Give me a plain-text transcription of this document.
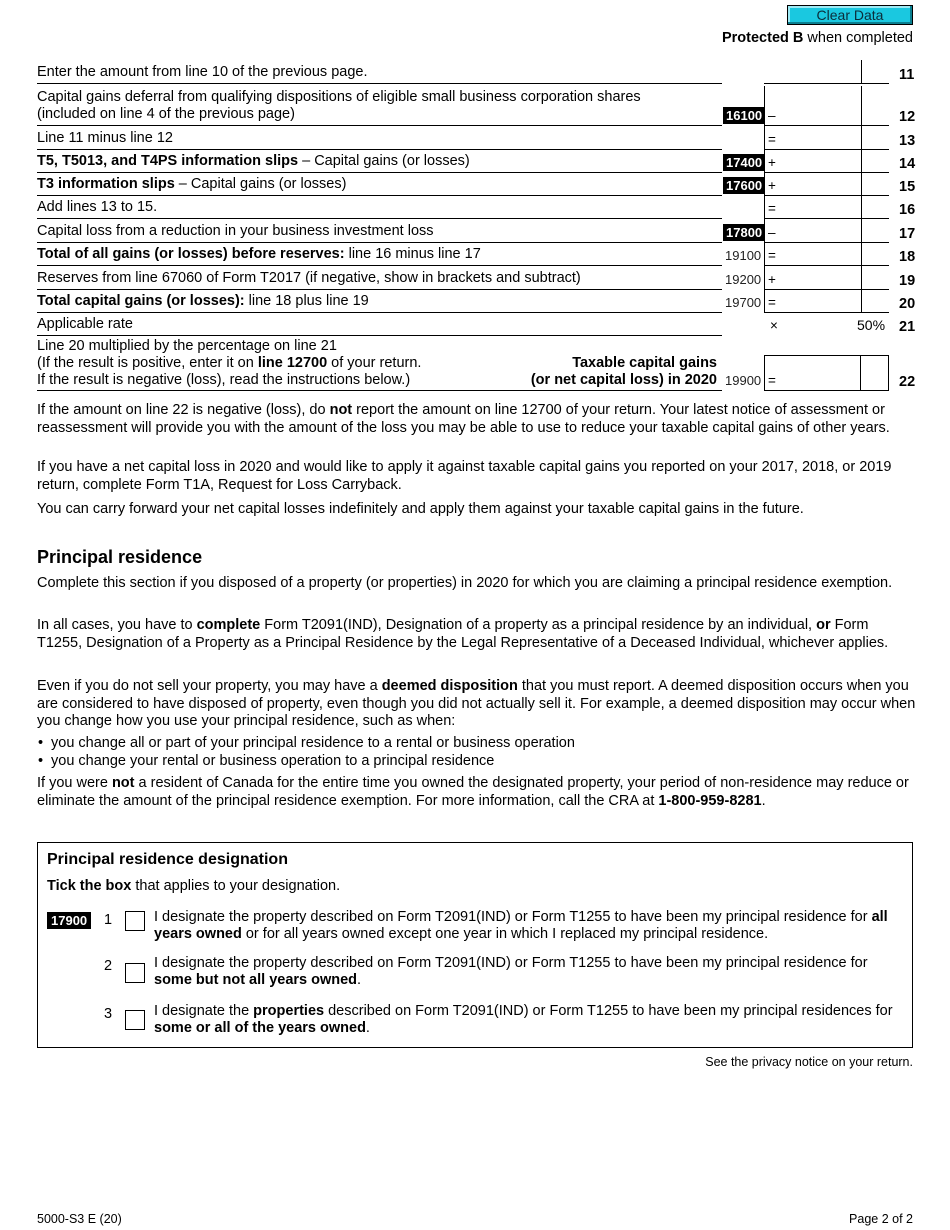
Clear Data
Protected B when completed
Enter the amount from line 10 of the previous page.	11
Capital gains deferral from qualifying dispositions of eligible small business corporation shares
(included on line 4 of the previous page)	16100 –	12
Line 11 minus line 12	=	13
T5, T5013, and T4PS information slips – Capital gains (or losses)	17400 +	14
T3 information slips – Capital gains (or losses)	17600 +	15
Add lines 13 to 15.	=	16
Capital loss from a reduction in your business investment loss	17800 –	17
Total of all gains (or losses) before reserves: line 16 minus line 17	19100 =	18
Reserves from line 67060 of Form T2017 (if negative, show in brackets and subtract)	19200 +	19
Total capital gains (or losses): line 18 plus line 19	19700 =	20
Applicable rate	×	50% 21
Line 20 multiplied by the percentage on line 21
(If the result is positive, enter it on line 12700 of your return.
If the result is negative (loss), read the instructions below.)
Taxable capital gains
(or net capital loss) in 2020 19900 =	22
If the amount on line 22 is negative (loss), do not report the amount on line 12700 of your return. Your latest notice of assessment or reassessment will provide you with the amount of the loss you may be able to use to reduce your taxable capital gains of other years.
If you have a net capital loss in 2020 and would like to apply it against taxable capital gains you reported on your 2017, 2018, or 2019 return, complete Form T1A, Request for Loss Carryback.
You can carry forward your net capital losses indefinitely and apply them against your taxable capital gains in the future.
Principal residence
Complete this section if you disposed of a property (or properties) in 2020 for which you are claiming a principal residence exemption.
In all cases, you have to complete Form T2091(IND), Designation of a property as a principal residence by an individual, or Form T1255, Designation of a Property as a Principal Residence by the Legal Representative of a Deceased Individual, whichever applies.
Even if you do not sell your property, you may have a deemed disposition that you must report. A deemed disposition occurs when you are considered to have disposed of property, even though you did not actually sell it. For example, a deemed disposition may occur when you change how you use your principal residence, such as when:
• you change all or part of your principal residence to a rental or business operation
• you change your rental or business operation to a principal residence
If you were not a resident of Canada for the entire time you owned the designated property, your period of non-residence may reduce or eliminate the amount of the principal residence exemption. For more information, call the CRA at 1-800-959-8281.
Principal residence designation
Tick the box that applies to your designation.
17900 1	I designate the property described on Form T2091(IND) or Form T1255 to have been my principal residence for all years owned or for all years owned except one year in which I replaced my principal residence.
2	I designate the property described on Form T2091(IND) or Form T1255 to have been my principal residence for some but not all years owned.
3	I designate the properties described on Form T2091(IND) or Form T1255 to have been my principal residences for some or all of the years owned.
See the privacy notice on your return.
5000-S3 E (20)	Page 2 of 2
